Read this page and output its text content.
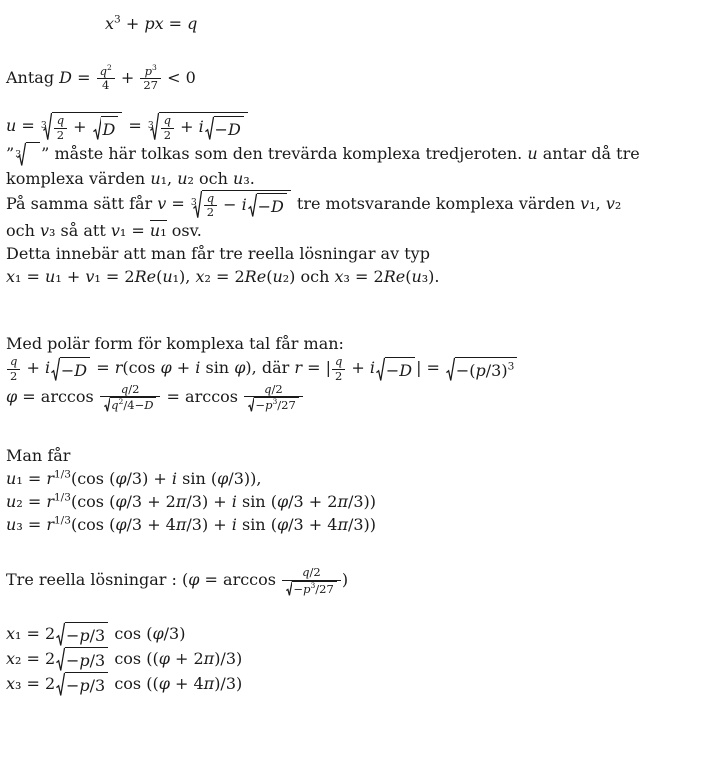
$x^3$ + px = q
Antag $D = \frac{q^2}{4} + \frac{p^3}{27} < 0$
$u = 3 \frac{q}{2} + D = 3 \frac{q}{2} + i -D$
” 3
” måste här tolkas som den trevärda komplexa tredjeroten. u antar då tre
komplexa värden u₁, u₂ och u₃.
På samma sätt får $v = 3 \frac{q}{2} - i -D$ tre motsvarande komplexa värden v₁, v₂
och v₃ så att v₁ = u₁ osv.
Detta innebär att man får tre reella lösningar av typ
x₁ = u₁ + v₁ = 2Re(u₁), x₂ = 2Re(u₂) och x₃ = 2Re(u₃).
Med polär form för komplexa tal får man:
$\frac{q}{2} + i -D = r(\cos$ φ + i sin φ), där r = | $\frac{q}{2} + i -D$ | = $-(p/3)^3$
$\varphi = \arccos \frac{q/2}{q^2/4-D} = \arccos \frac{q/2}{-p^3/27}$
Man får
$u_1 = r^{1/3}(\cos$ (φ/3) + i sin (φ/3)),
$u_2 = r^{1/3}(\cos$ (φ/3 + 2π/3) + i sin (φ/3 + 2π/3))
$u_3 = r^{1/3}(\cos$ (φ/3 + 4π/3) + i sin (φ/3 + 4π/3))
Tre reella lösningar : ($\varphi = \arccos \frac{q/2}{-p^3/27}$ )
x₁ = 2 −p/3 cos (φ/3)
x₂ = 2 −p/3 cos ((φ + 2π)/3)
x₃ = 2 −p/3 cos ((φ + 4π)/3)
